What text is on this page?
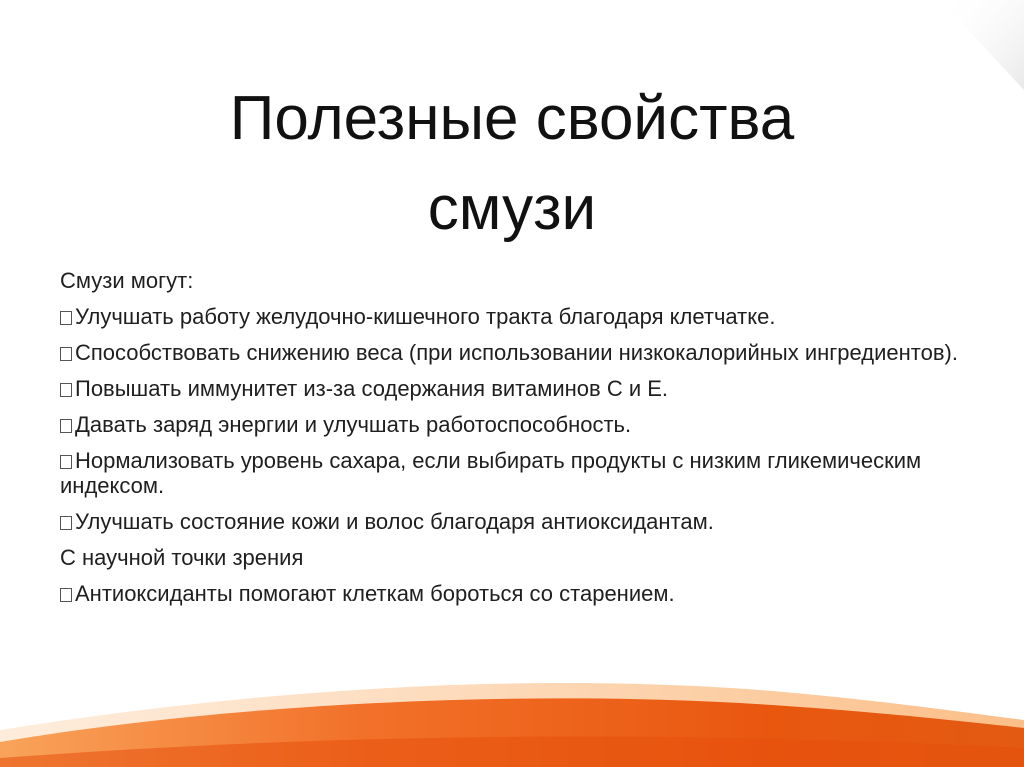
Полезные свойства
смузи
Смузи могут:
Улучшать работу желудочно-кишечного тракта благодаря клетчатке.
Способствовать снижению веса (при использовании низкокалорийных ингредиентов).
Повышать иммунитет из-за содержания витаминов С и Е.
Давать заряд энергии и улучшать работоспособность.
Нормализовать уровень сахара, если выбирать продукты с низким гликемическим индексом.
Улучшать состояние кожи и волос благодаря антиоксидантам.
С научной точки зрения
Антиоксиданты помогают клеткам бороться со старением.
